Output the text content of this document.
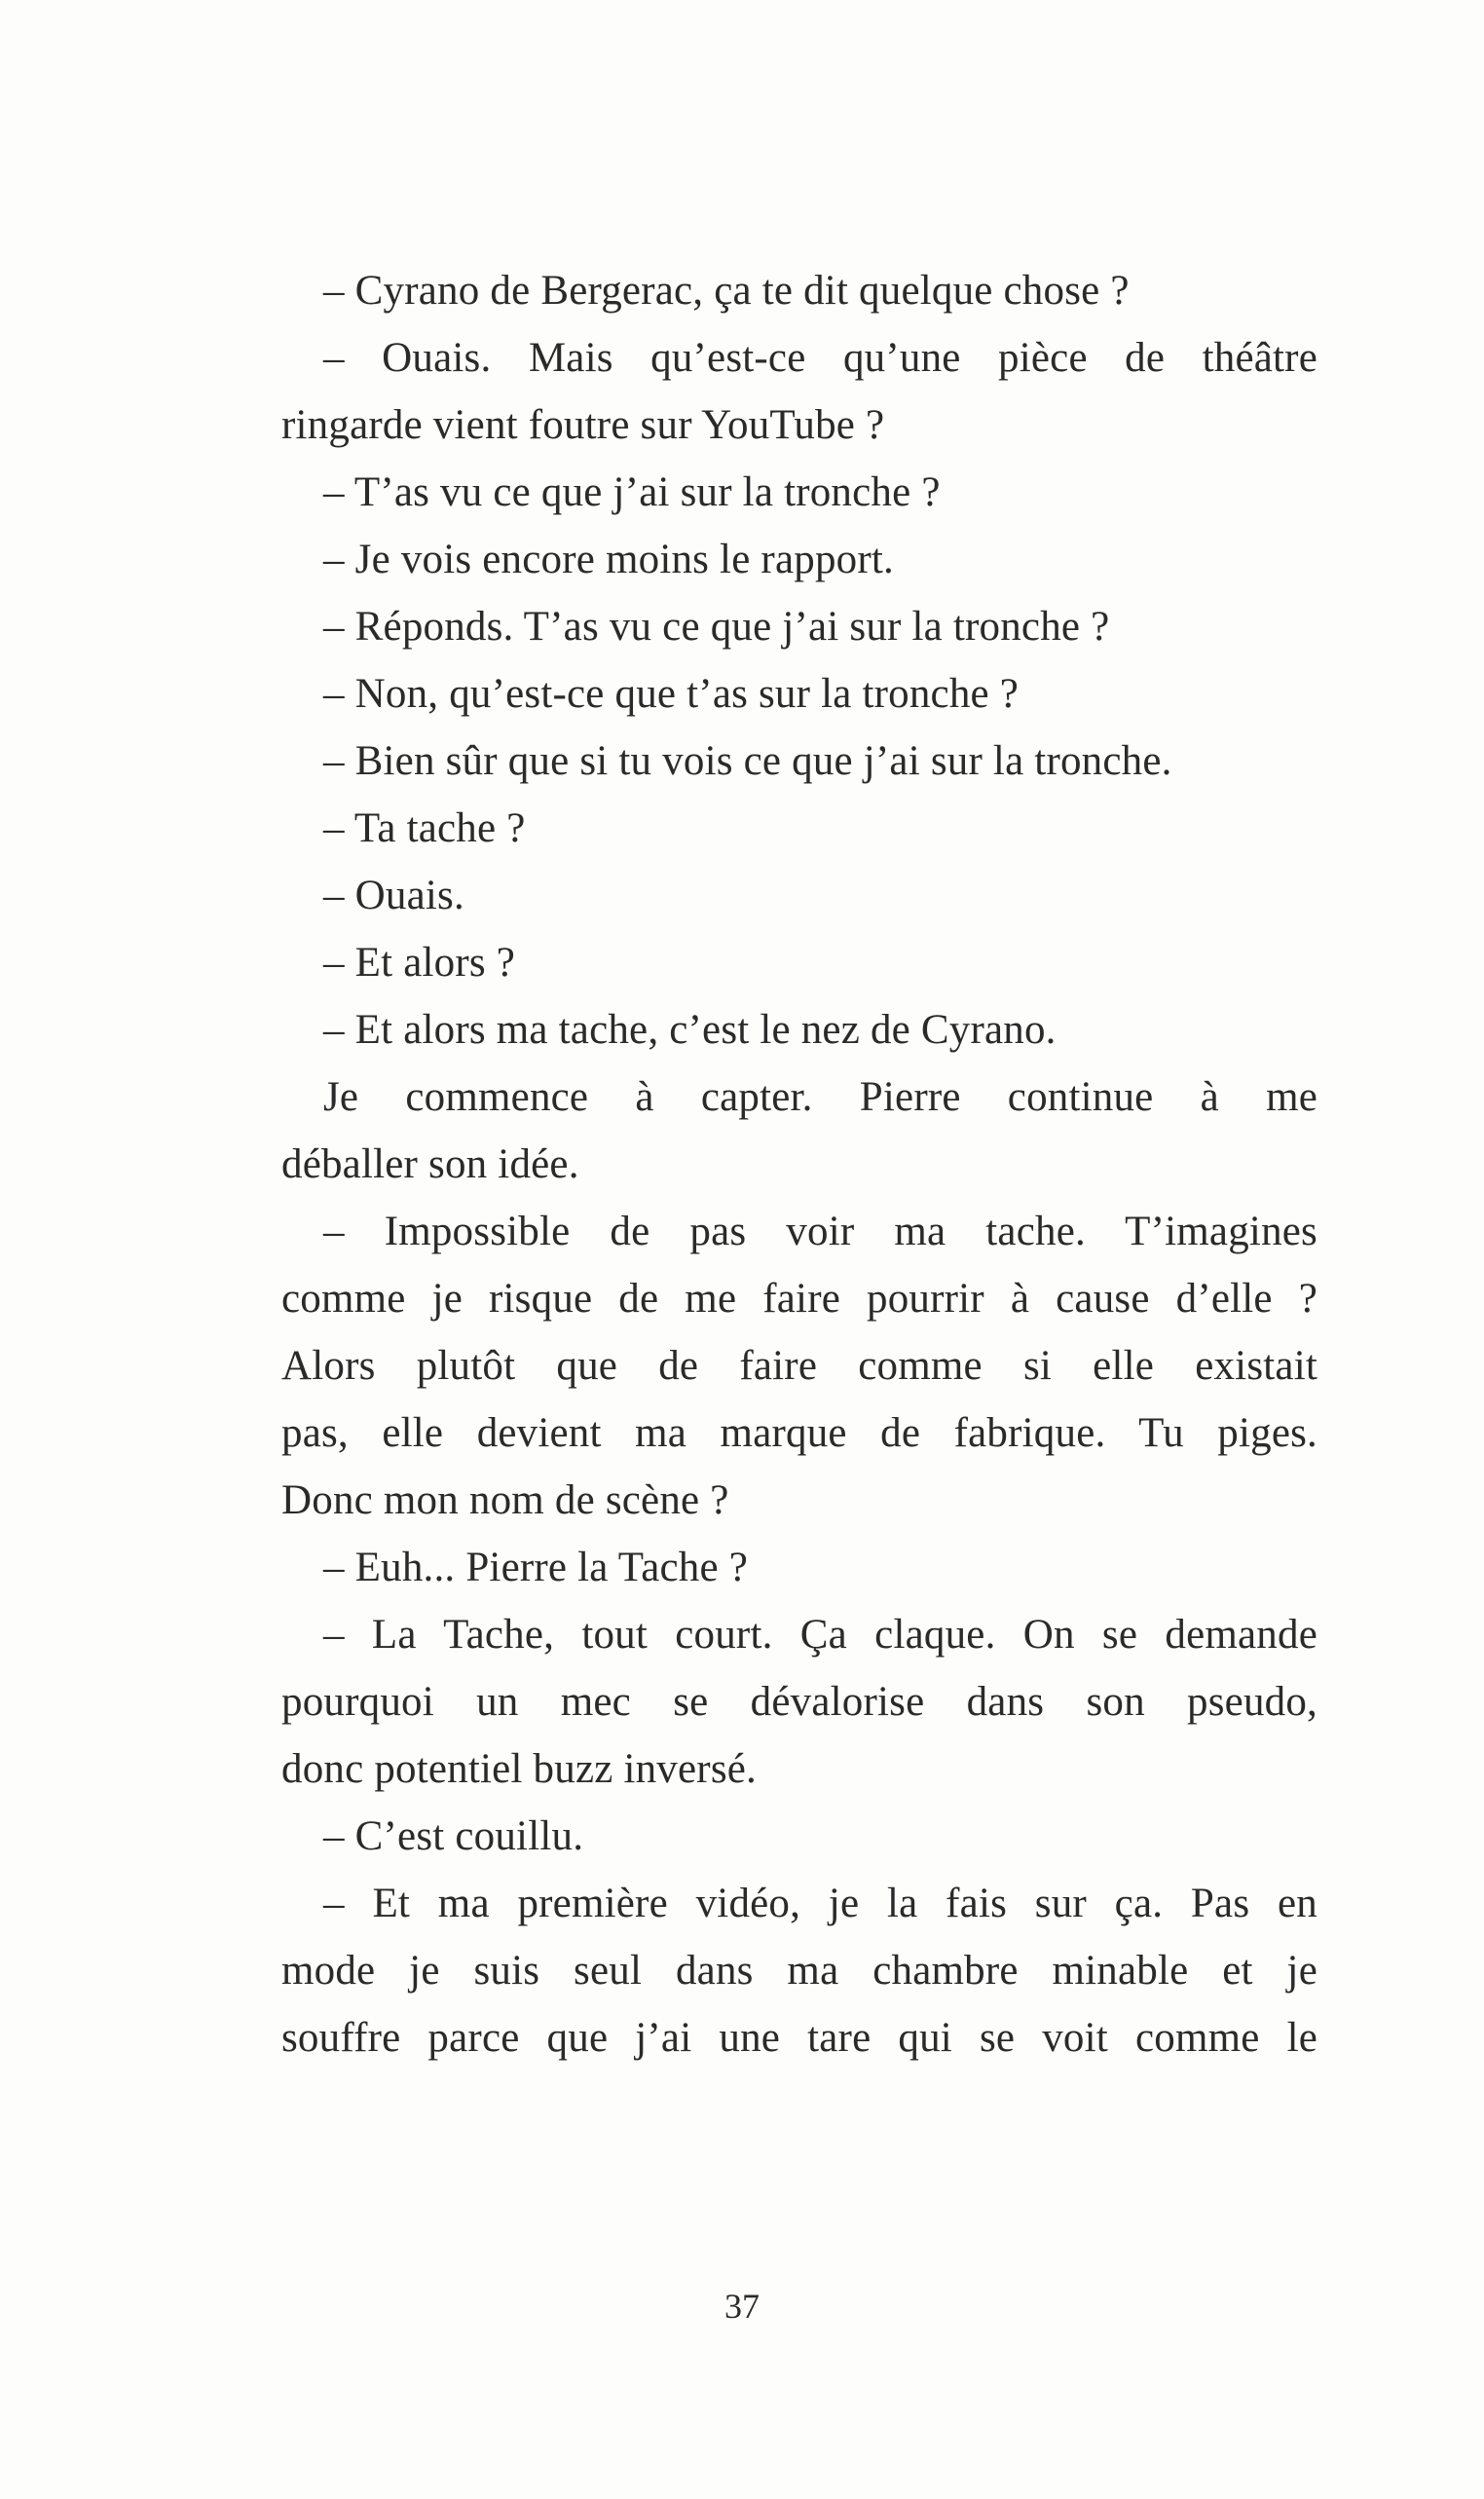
– Cyrano de Bergerac, ça te dit quelque chose ?
– Ouais. Mais qu’est-ce qu’une pièce de théâtre
ringarde vient foutre sur YouTube ?
– T’as vu ce que j’ai sur la tronche ?
– Je vois encore moins le rapport.
– Réponds. T’as vu ce que j’ai sur la tronche ?
– Non, qu’est-ce que t’as sur la tronche ?
– Bien sûr que si tu vois ce que j’ai sur la tronche.
– Ta tache ?
– Ouais.
– Et alors ?
– Et alors ma tache, c’est le nez de Cyrano.
Je commence à capter. Pierre continue à me
déballer son idée.
– Impossible de pas voir ma tache. T’imagines
comme je risque de me faire pourrir à cause d’elle ?
Alors plutôt que de faire comme si elle existait
pas, elle devient ma marque de fabrique. Tu piges.
Donc mon nom de scène ?
– Euh... Pierre la Tache ?
– La Tache, tout court. Ça claque. On se demande
pourquoi un mec se dévalorise dans son pseudo,
donc potentiel buzz inversé.
– C’est couillu.
– Et ma première vidéo, je la fais sur ça. Pas en
mode je suis seul dans ma chambre minable et je
souffre parce que j’ai une tare qui se voit comme le
37
